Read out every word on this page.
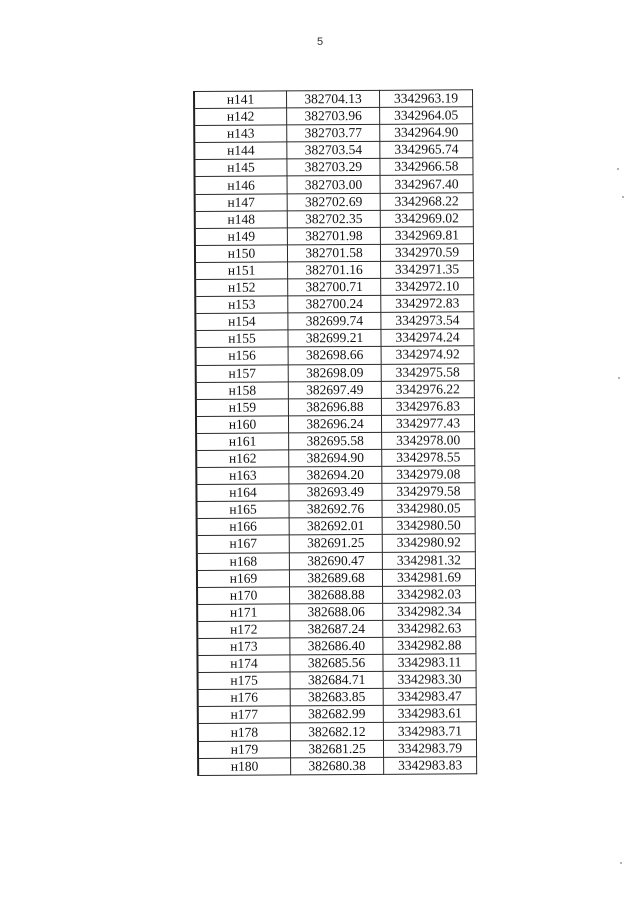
5
н141	382704.13	3342963.19
н142	382703.96	3342964.05
н143	382703.77	3342964.90
н144	382703.54	3342965.74
н145	382703.29	3342966.58
н146	382703.00	3342967.40
н147	382702.69	3342968.22
н148	382702.35	3342969.02
н149	382701.98	3342969.81
н150	382701.58	3342970.59
н151	382701.16	3342971.35
н152	382700.71	3342972.10
н153	382700.24	3342972.83
н154	382699.74	3342973.54
н155	382699.21	3342974.24
н156	382698.66	3342974.92
н157	382698.09	3342975.58
н158	382697.49	3342976.22
н159	382696.88	3342976.83
н160	382696.24	3342977.43
н161	382695.58	3342978.00
н162	382694.90	3342978.55
н163	382694.20	3342979.08
н164	382693.49	3342979.58
н165	382692.76	3342980.05
н166	382692.01	3342980.50
н167	382691.25	3342980.92
н168	382690.47	3342981.32
н169	382689.68	3342981.69
н170	382688.88	3342982.03
н171	382688.06	3342982.34
н172	382687.24	3342982.63
н173	382686.40	3342982.88
н174	382685.56	3342983.11
н175	382684.71	3342983.30
н176	382683.85	3342983.47
н177	382682.99	3342983.61
н178	382682.12	3342983.71
н179	382681.25	3342983.79
н180	382680.38	3342983.83
